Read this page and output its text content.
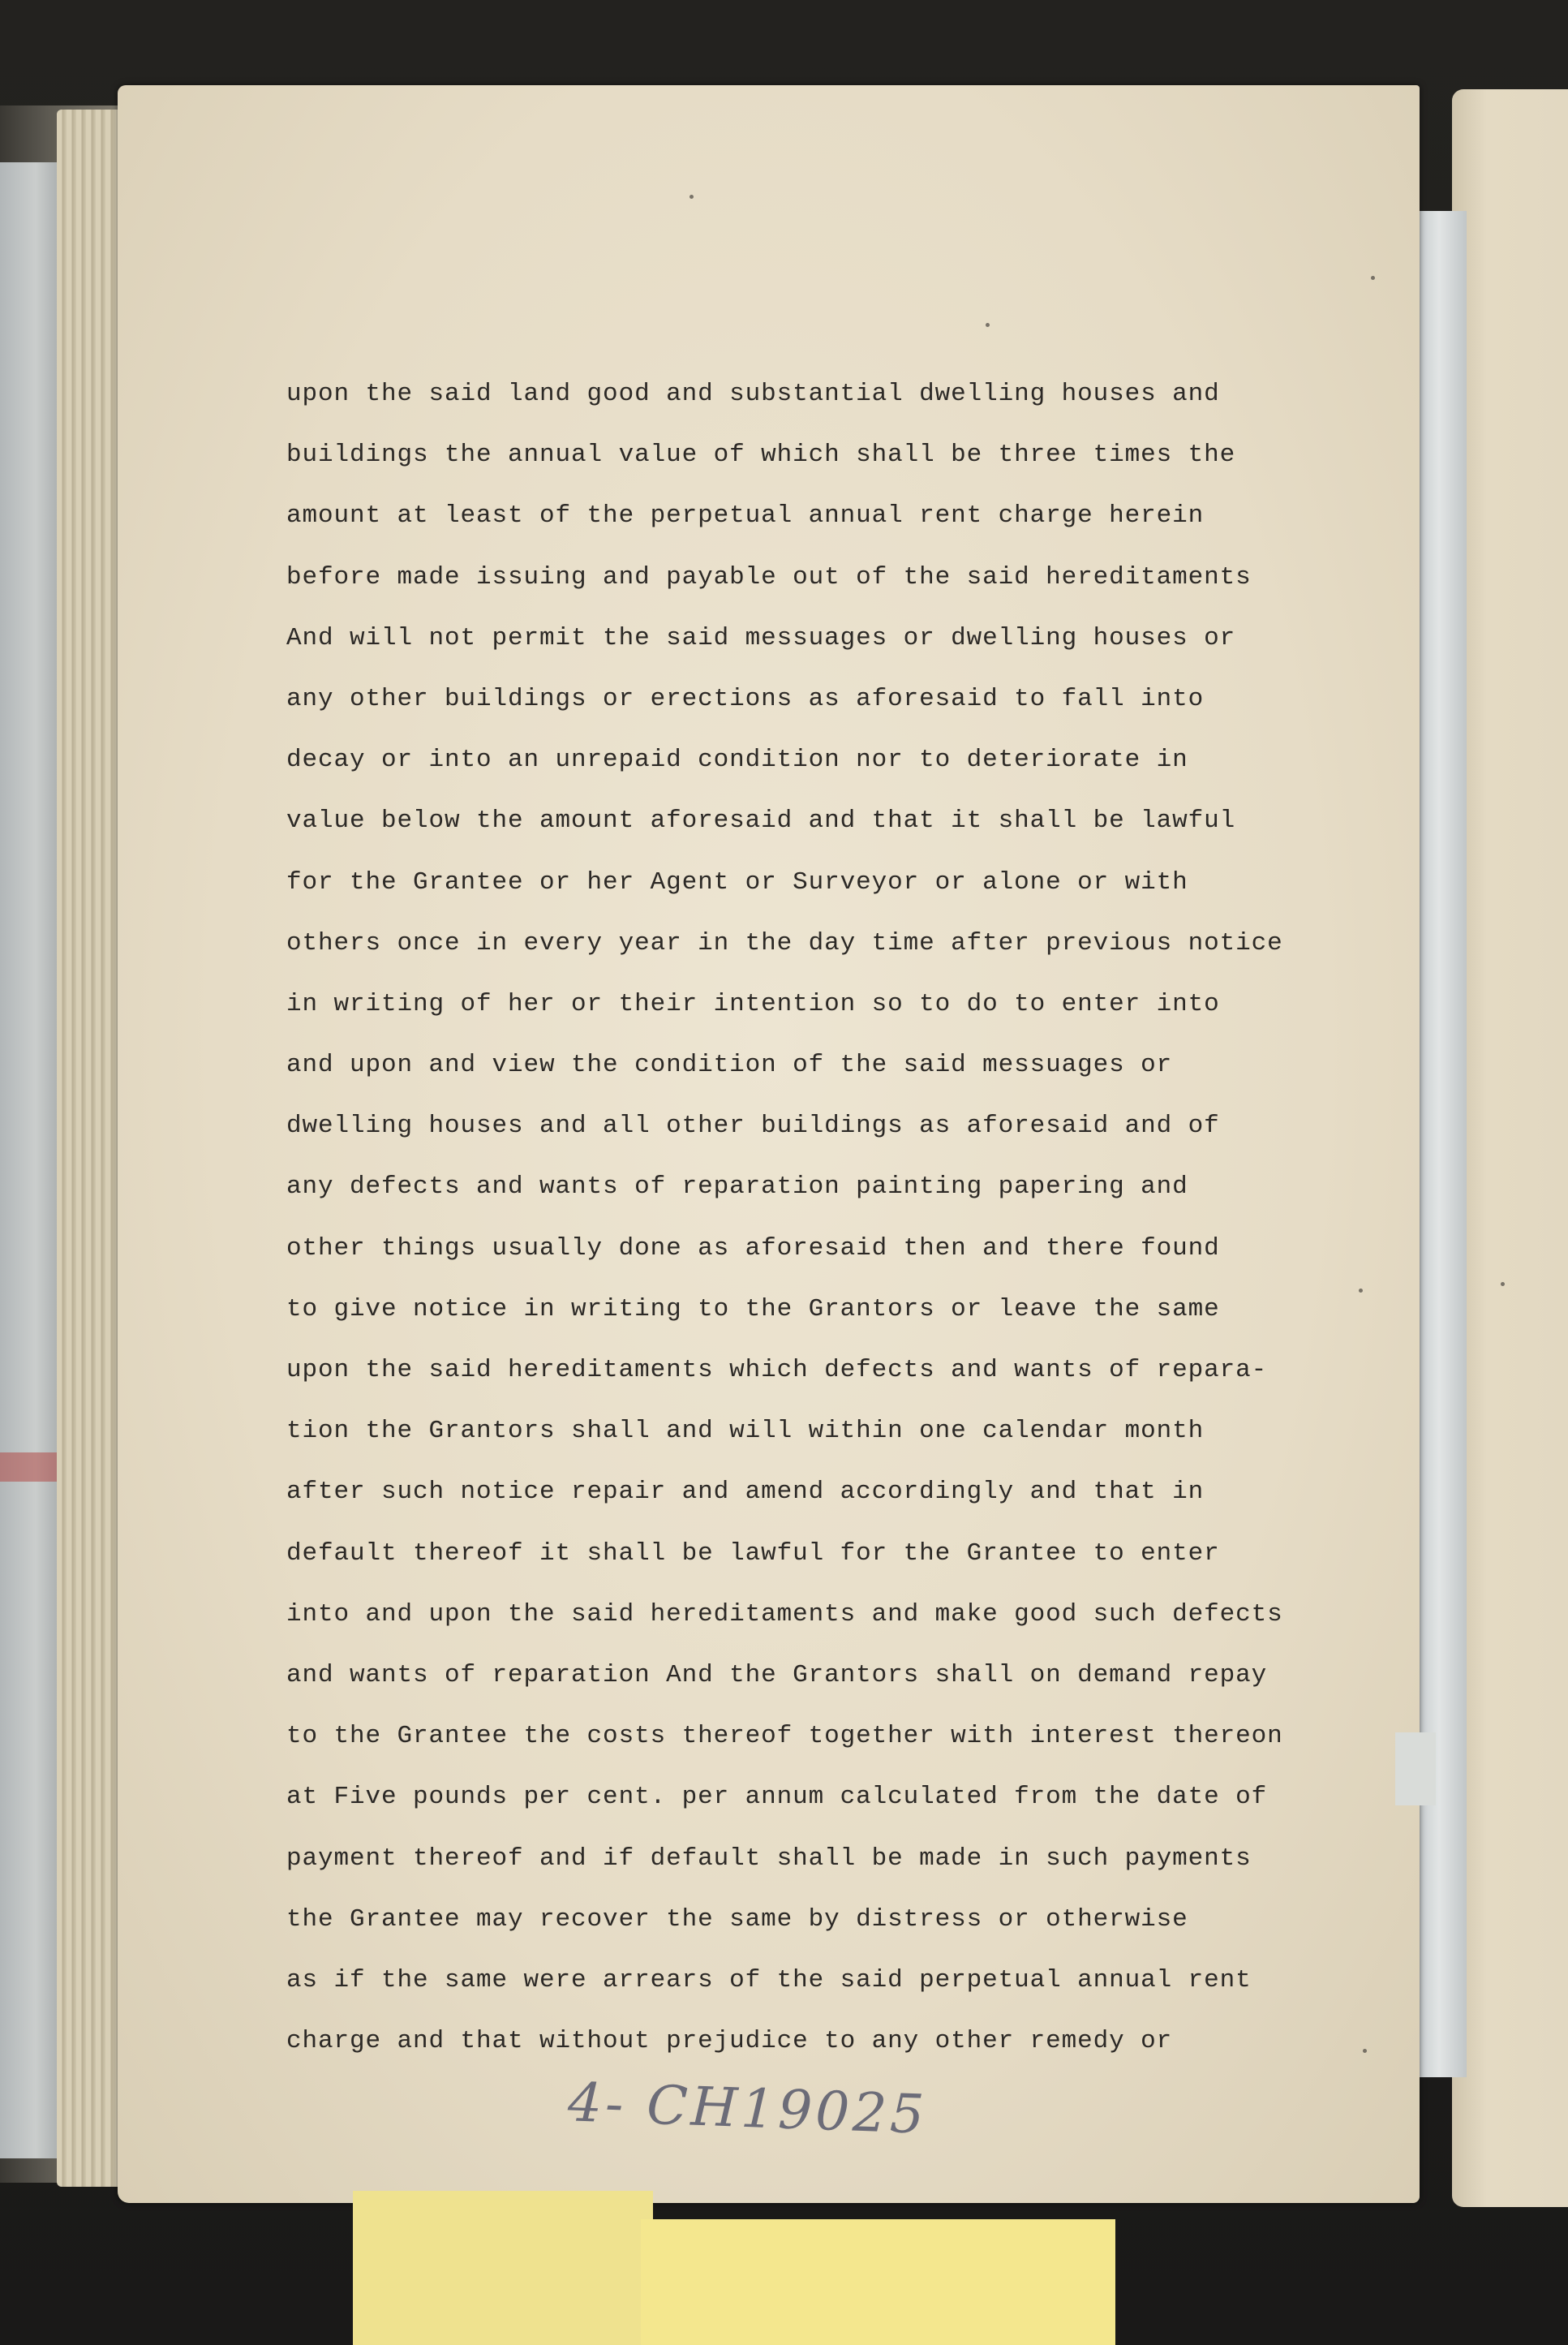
upon the said land good and substantial dwelling houses and
buildings the annual value of which shall be three times the
amount at least of the perpetual annual rent charge herein
before made issuing and payable out of the said hereditaments
And will not permit the said messuages or dwelling houses or
any other buildings or erections as aforesaid to fall into
decay or into an unrepaid condition nor to deteriorate in
value below the amount aforesaid and that it shall be lawful
for the Grantee or her Agent or Surveyor or alone or with
others once in every year in the day time after previous notice
in writing of her or their intention so to do to enter into
and upon and view the condition of the said messuages or
dwelling houses and all other buildings as aforesaid and of
any defects and wants of reparation painting papering and
other things usually done as aforesaid then and there found
to give notice in writing to the Grantors or leave the same
upon the said hereditaments which defects and wants of repara-
tion the Grantors shall and will within one calendar month
after such notice repair and amend accordingly and that in
default thereof it shall be lawful for the Grantee to enter
into and upon the said hereditaments and make good such defects
and wants of reparation And the Grantors shall on demand repay
to the Grantee the costs thereof together with interest thereon
at Five pounds per cent. per annum calculated from the date of
payment thereof and if default shall be made in such payments
the Grantee may recover the same by distress or otherwise
as if the same were arrears of the said perpetual annual rent
charge and that without prejudice to any other remedy or
4- CH19025
